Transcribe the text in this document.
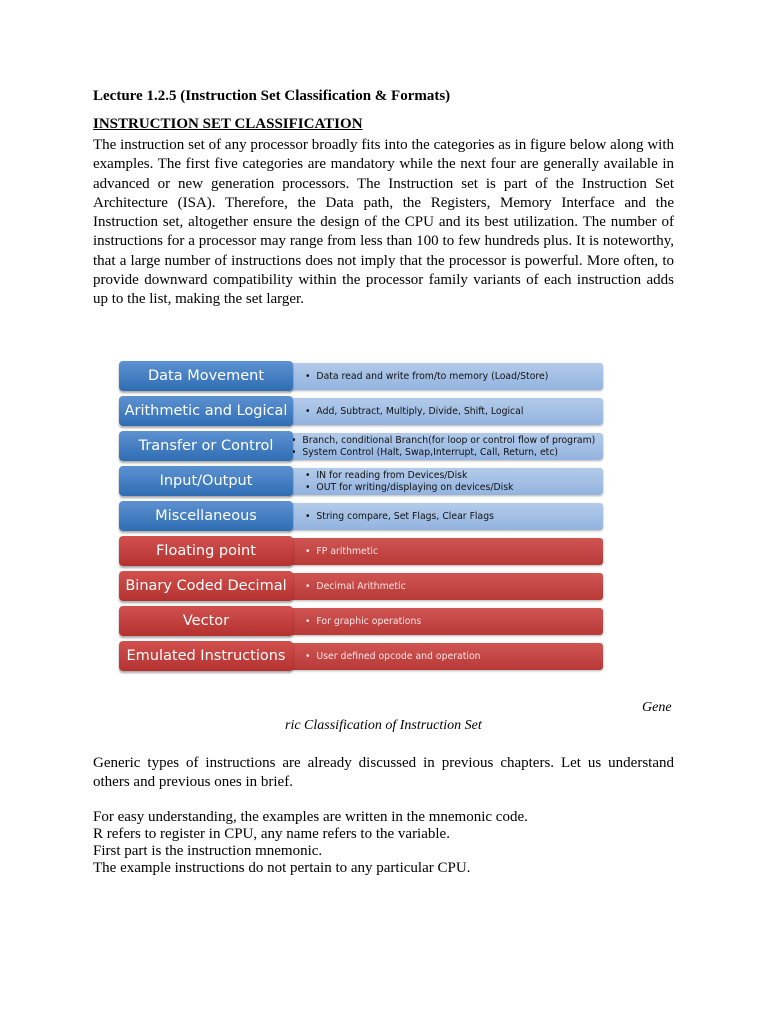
Lecture 1.2.5 (Instruction Set Classification & Formats)
INSTRUCTION SET CLASSIFICATION

The instruction set of any processor broadly fits into the categories as in figure below along with examples. The first five categories are mandatory while the next four are generally available in advanced or new generation processors. The Instruction set is part of the Instruction Set Architecture (ISA). Therefore, the Data path, the Registers, Memory Interface and the Instruction set, altogether ensure the design of the CPU and its best utilization. The number of instructions for a processor may range from less than 100 to few hundreds plus. It is noteworthy, that a large number of instructions does not imply that the processor is powerful. More often, to provide downward compatibility within the processor family variants of each instruction adds up to the list, making the set larger.

Data Movement	•  Data read and write from/to memory (Load/Store)
Arithmetic and Logical	•  Add, Subtract, Multiply, Divide, Shift, Logical
Transfer or Control	•  Branch, conditional Branch(for loop or control flow of program)
•  System Control (Halt, Swap,Interrupt, Call, Return, etc)
Input/Output	•  IN for reading from Devices/Disk
•  OUT for writing/displaying on devices/Disk
Miscellaneous	•  String compare, Set Flags, Clear Flags
Floating point	•  FP arithmetic
Binary Coded Decimal	•  Decimal Arithmetic
Vector	•  For graphic operations
Emulated Instructions	•  User defined opcode and operation
Gene
ric Classification of Instruction Set

Generic types of instructions are already discussed in previous chapters. Let us understand others and previous ones in brief.

For easy understanding, the examples are written in the mnemonic code.
R refers to register in CPU, any name refers to the variable.
First part is the instruction mnemonic.
The example instructions do not pertain to any particular CPU.
